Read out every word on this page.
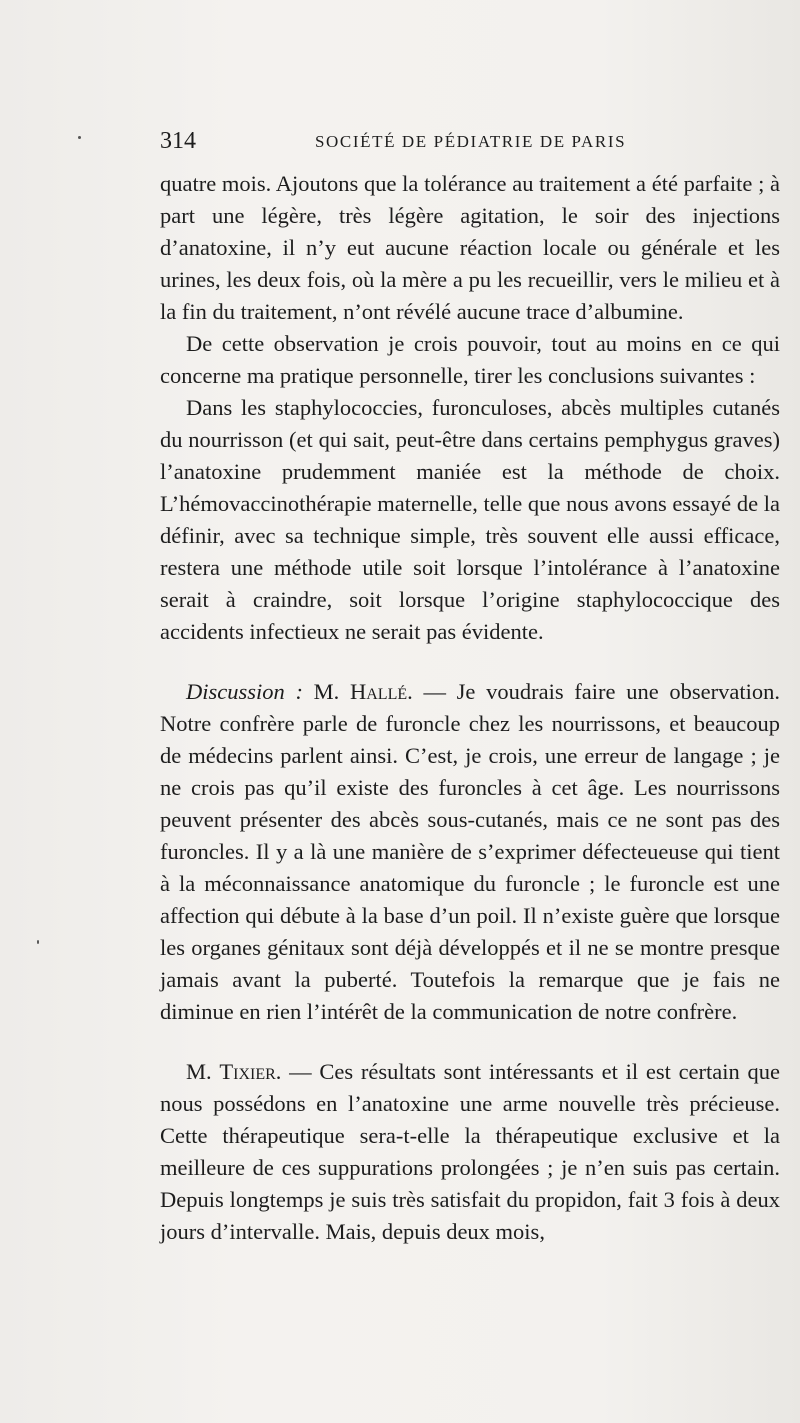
314	SOCIÉTÉ DE PÉDIATRIE DE PARIS

quatre mois. Ajoutons que la tolérance au traitement a été parfaite ; à part une légère, très légère agitation, le soir des injections d’anatoxine, il n’y eut aucune réaction locale ou générale et les urines, les deux fois, où la mère a pu les recueillir, vers le milieu et à la fin du traitement, n’ont révélé aucune trace d’albumine.

De cette observation je crois pouvoir, tout au moins en ce qui concerne ma pratique personnelle, tirer les conclusions suivantes :

Dans les staphylococcies, furonculoses, abcès multiples cutanés du nourrisson (et qui sait, peut-être dans certains pemphygus graves) l’anatoxine prudemment maniée est la méthode de choix. L’hémovaccinothérapie maternelle, telle que nous avons essayé de la définir, avec sa technique simple, très souvent elle aussi efficace, restera une méthode utile soit lorsque l’intolérance à l’anatoxine serait à craindre, soit lorsque l’origine staphylococcique des accidents infectieux ne serait pas évidente.

Discussion : M. Hallé. — Je voudrais faire une observation. Notre confrère parle de furoncle chez les nourrissons, et beaucoup de médecins parlent ainsi. C’est, je crois, une erreur de langage ; je ne crois pas qu’il existe des furoncles à cet âge. Les nourrissons peuvent présenter des abcès sous-cutanés, mais ce ne sont pas des furoncles. Il y a là une manière de s’exprimer défecteueuse qui tient à la méconnaissance anatomique du furoncle ; le furoncle est une affection qui débute à la base d’un poil. Il n’existe guère que lorsque les organes génitaux sont déjà développés et il ne se montre presque jamais avant la puberté. Toutefois la remarque que je fais ne diminue en rien l’intérêt de la communication de notre confrère.

M. Tixier. — Ces résultats sont intéressants et il est certain que nous possédons en l’anatoxine une arme nouvelle très précieuse. Cette thérapeutique sera-t-elle la thérapeutique exclusive et la meilleure de ces suppurations prolongées ; je n’en suis pas certain. Depuis longtemps je suis très satisfait du propidon, fait 3 fois à deux jours d’intervalle. Mais, depuis deux mois,
